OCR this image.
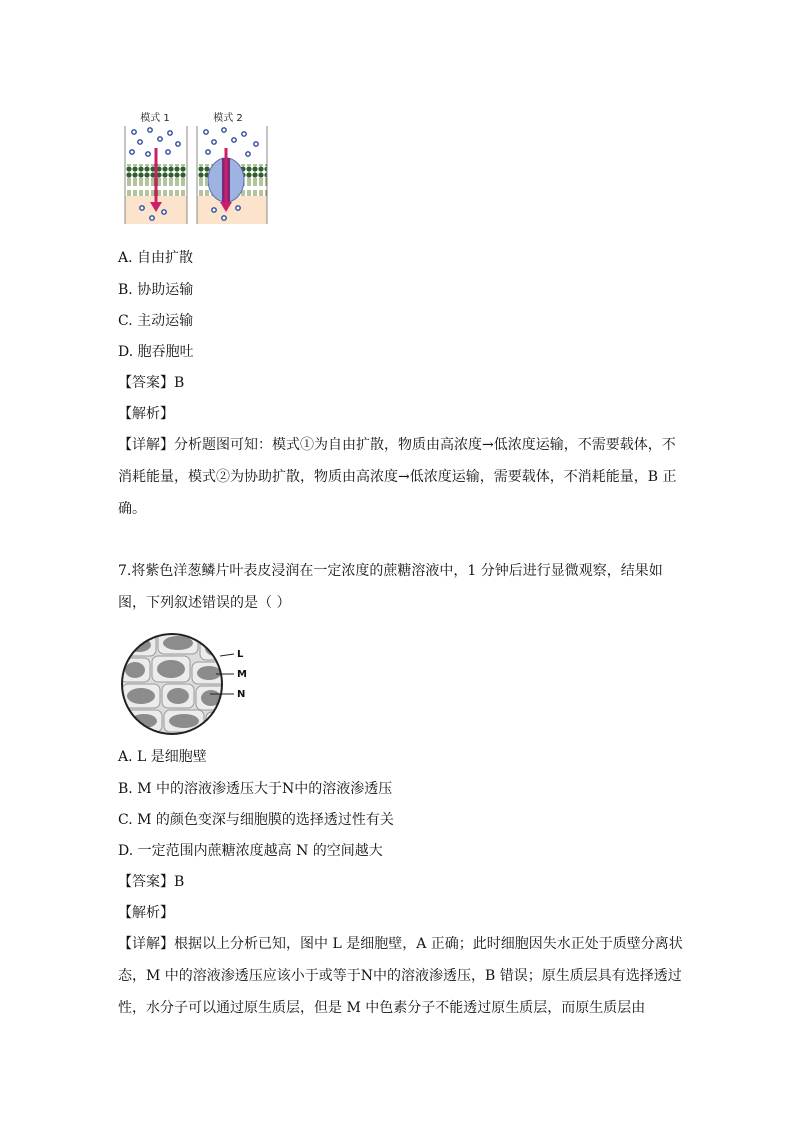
模式 1	模式 2
A. 自由扩散
B. 协助运输
C. 主动运输
D. 胞吞胞吐
【答案】B
【解析】
【详解】分析题图可知：模式①为自由扩散，物质由高浓度→低浓度运输，不需要载体，不消耗能量，模式②为协助扩散，物质由高浓度→低浓度运输，需要载体，不消耗能量，B 正确。
7.将紫色洋葱鳞片叶表皮浸润在一定浓度的蔗糖溶液中，1 分钟后进行显微观察，结果如图，下列叙述错误的是（ ）
L
M
N
A. L 是细胞壁
B. M 中的溶液渗透压大于N中的溶液渗透压
C. M 的颜色变深与细胞膜的选择透过性有关
D. 一定范围内蔗糖浓度越高 N 的空间越大
【答案】B
【解析】
【详解】根据以上分析已知，图中 L 是细胞壁，A 正确；此时细胞因失水正处于质壁分离状态，M 中的溶液渗透压应该小于或等于N中的溶液渗透压，B 错误；原生质层具有选择透过性，水分子可以通过原生质层，但是 M 中色素分子不能透过原生质层，而原生质层由
